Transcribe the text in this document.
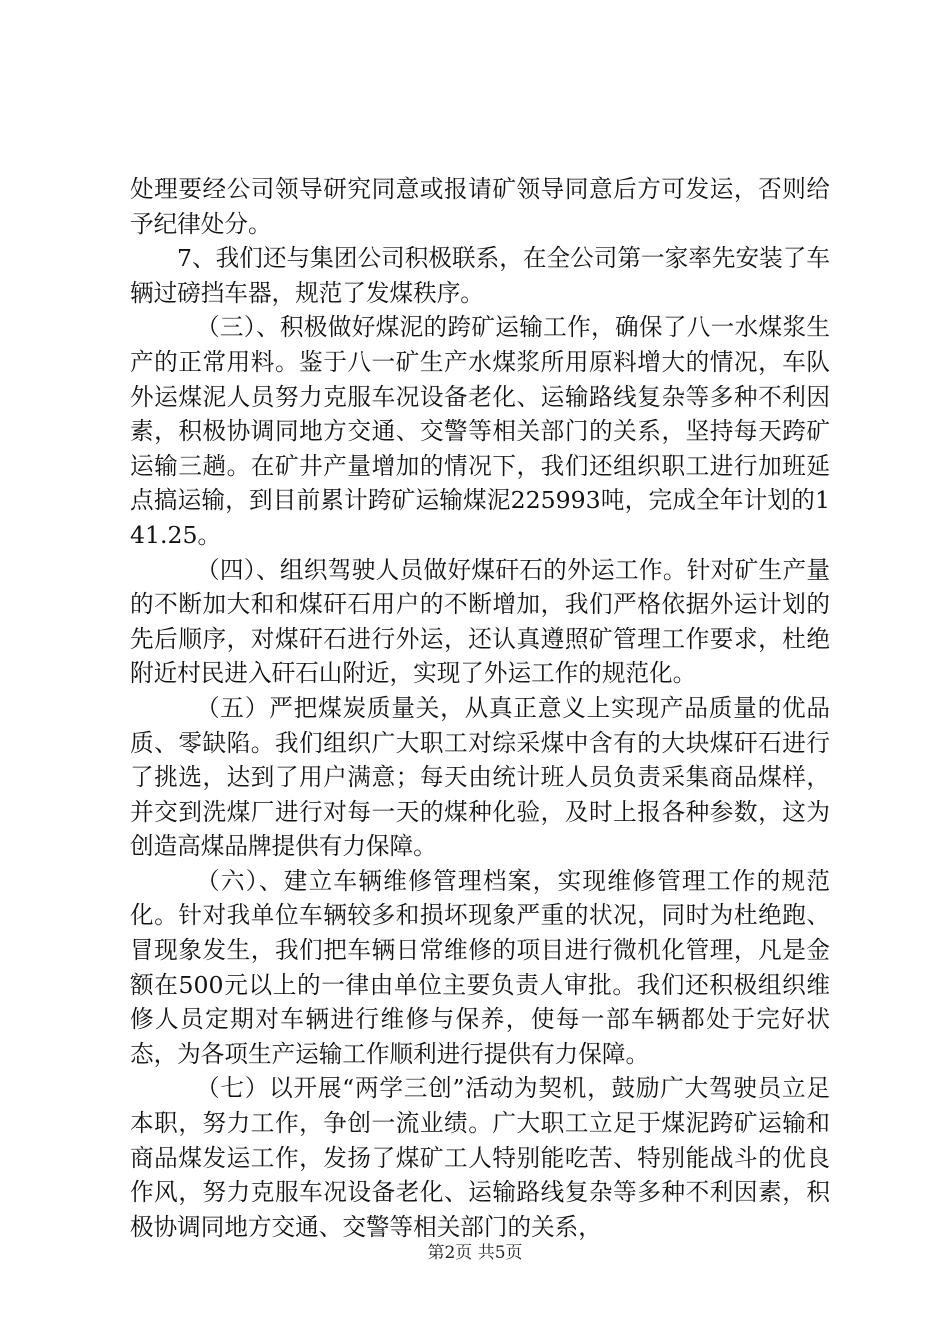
处理要经公司领导研究同意或报请矿领导同意后方可发运，否则给予纪律处分。

7、我们还与集团公司积极联系，在全公司第一家率先安装了车辆过磅挡车器，规范了发煤秩序。

（三）、积极做好煤泥的跨矿运输工作，确保了八一水煤浆生产的正常用料。鉴于八一矿生产水煤浆所用原料增大的情况，车队外运煤泥人员努力克服车况设备老化、运输路线复杂等多种不利因素，积极协调同地方交通、交警等相关部门的关系，坚持每天跨矿运输三趟。在矿井产量增加的情况下，我们还组织职工进行加班延点搞运输，到目前累计跨矿运输煤泥225993吨，完成全年计划的141.25。

（四）、组织驾驶人员做好煤矸石的外运工作。针对矿生产量的不断加大和和煤矸石用户的不断增加，我们严格依据外运计划的先后顺序，对煤矸石进行外运，还认真遵照矿管理工作要求，杜绝附近村民进入矸石山附近，实现了外运工作的规范化。

（五）严把煤炭质量关，从真正意义上实现产品质量的优品质、零缺陷。我们组织广大职工对综采煤中含有的大块煤矸石进行了挑选，达到了用户满意；每天由统计班人员负责采集商品煤样，并交到洗煤厂进行对每一天的煤种化验，及时上报各种参数，这为创造高煤品牌提供有力保障。

（六）、建立车辆维修管理档案，实现维修管理工作的规范化。针对我单位车辆较多和损坏现象严重的状况，同时为杜绝跑、冒现象发生，我们把车辆日常维修的项目进行微机化管理，凡是金额在500元以上的一律由单位主要负责人审批。我们还积极组织维修人员定期对车辆进行维修与保养，使每一部车辆都处于完好状态，为各项生产运输工作顺利进行提供有力保障。

（七）以开展“两学三创”活动为契机，鼓励广大驾驶员立足本职，努力工作，争创一流业绩。广大职工立足于煤泥跨矿运输和商品煤发运工作，发扬了煤矿工人特别能吃苦、特别能战斗的优良作风，努力克服车况设备老化、运输路线复杂等多种不利因素，积极协调同地方交通、交警等相关部门的关系，

第2页 共5页
